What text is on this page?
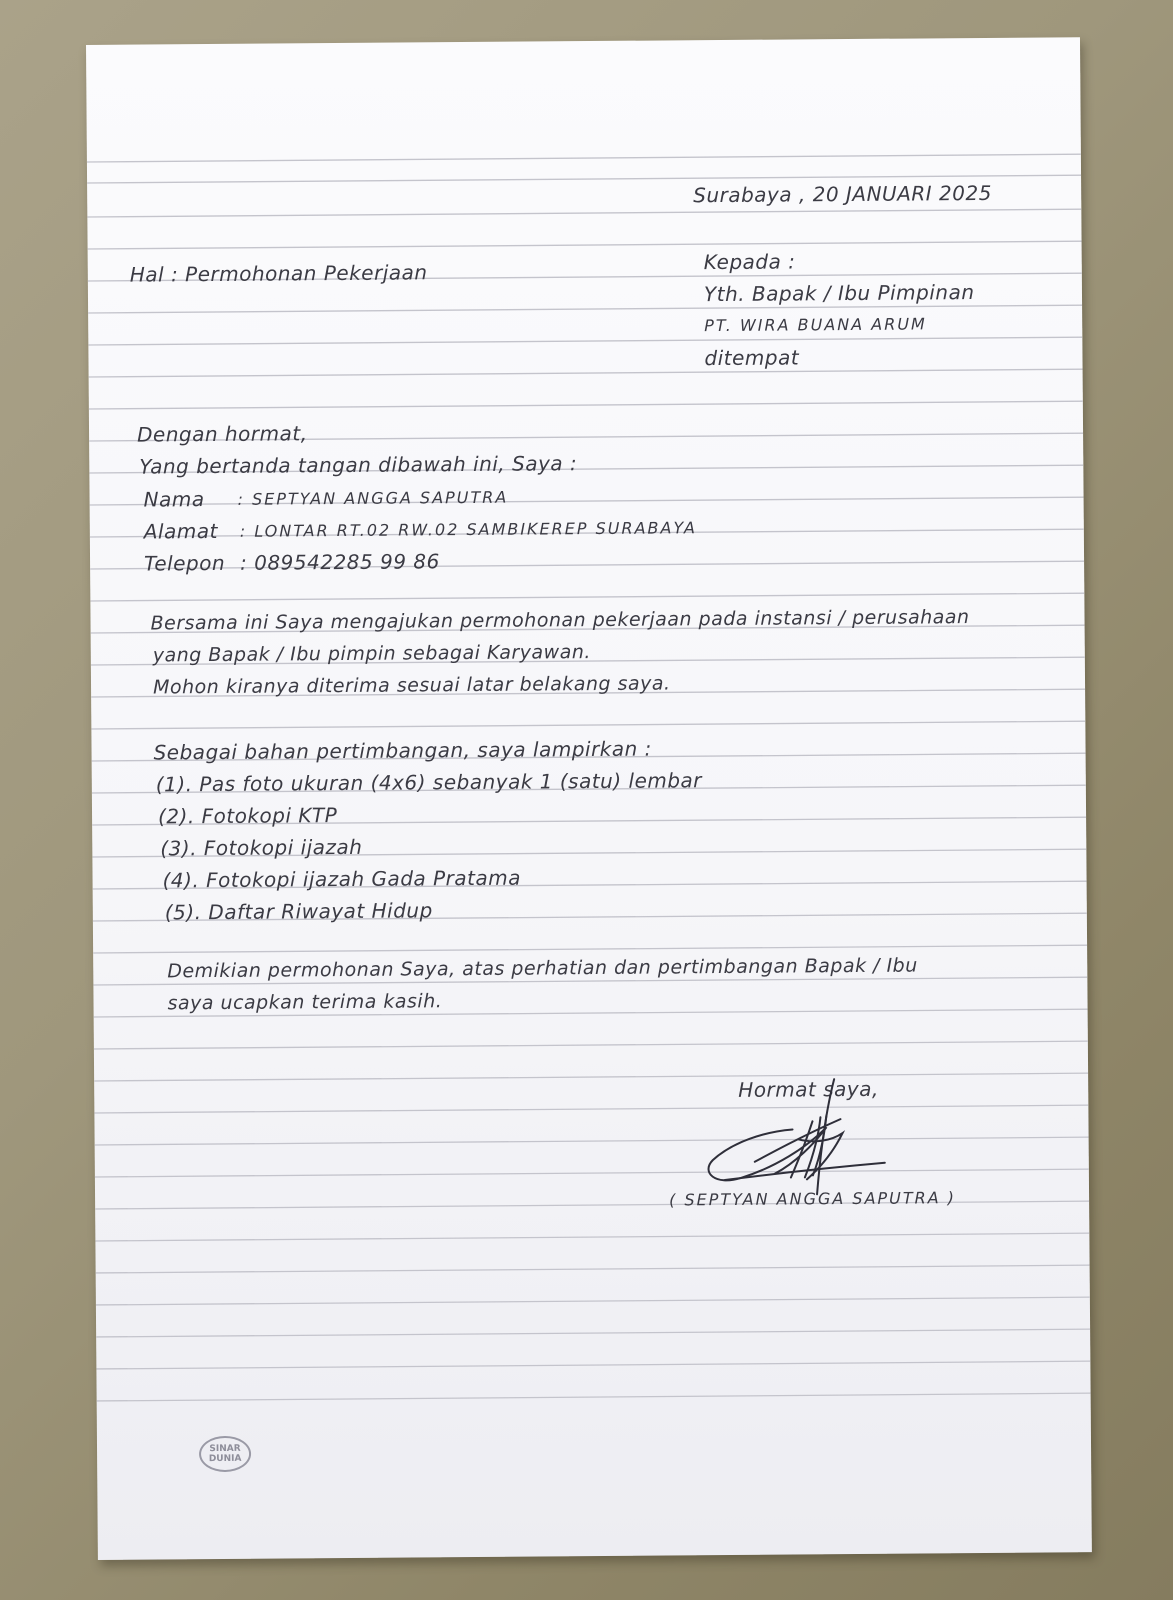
Surabaya , 20 JANUARI 2025
Hal : Permohonan Pekerjaan	Kepada :
Yth. Bapak / Ibu Pimpinan
PT. WIRA BUANA ARUM
ditempat
Dengan hormat,
Yang bertanda tangan dibawah ini, Saya :
Nama : SEPTYAN ANGGA SAPUTRA
Alamat : LONTAR RT.02 RW.02 SAMBIKEREP SURABAYA
Telepon : 089542285 99 86
Bersama ini Saya mengajukan permohonan pekerjaan pada instansi / perusahaan
yang Bapak / Ibu pimpin sebagai Karyawan.
Mohon kiranya diterima sesuai latar belakang saya.
Sebagai bahan pertimbangan, saya lampirkan :
(1). Pas foto ukuran (4x6) sebanyak 1 (satu) lembar
(2). Fotokopi KTP
(3). Fotokopi ijazah
(4). Fotokopi ijazah Gada Pratama
(5). Daftar Riwayat Hidup
Demikian permohonan Saya, atas perhatian dan pertimbangan Bapak / Ibu
saya ucapkan terima kasih.
Hormat saya,
( SEPTYAN ANGGA SAPUTRA )
SINAR
DUNIA
